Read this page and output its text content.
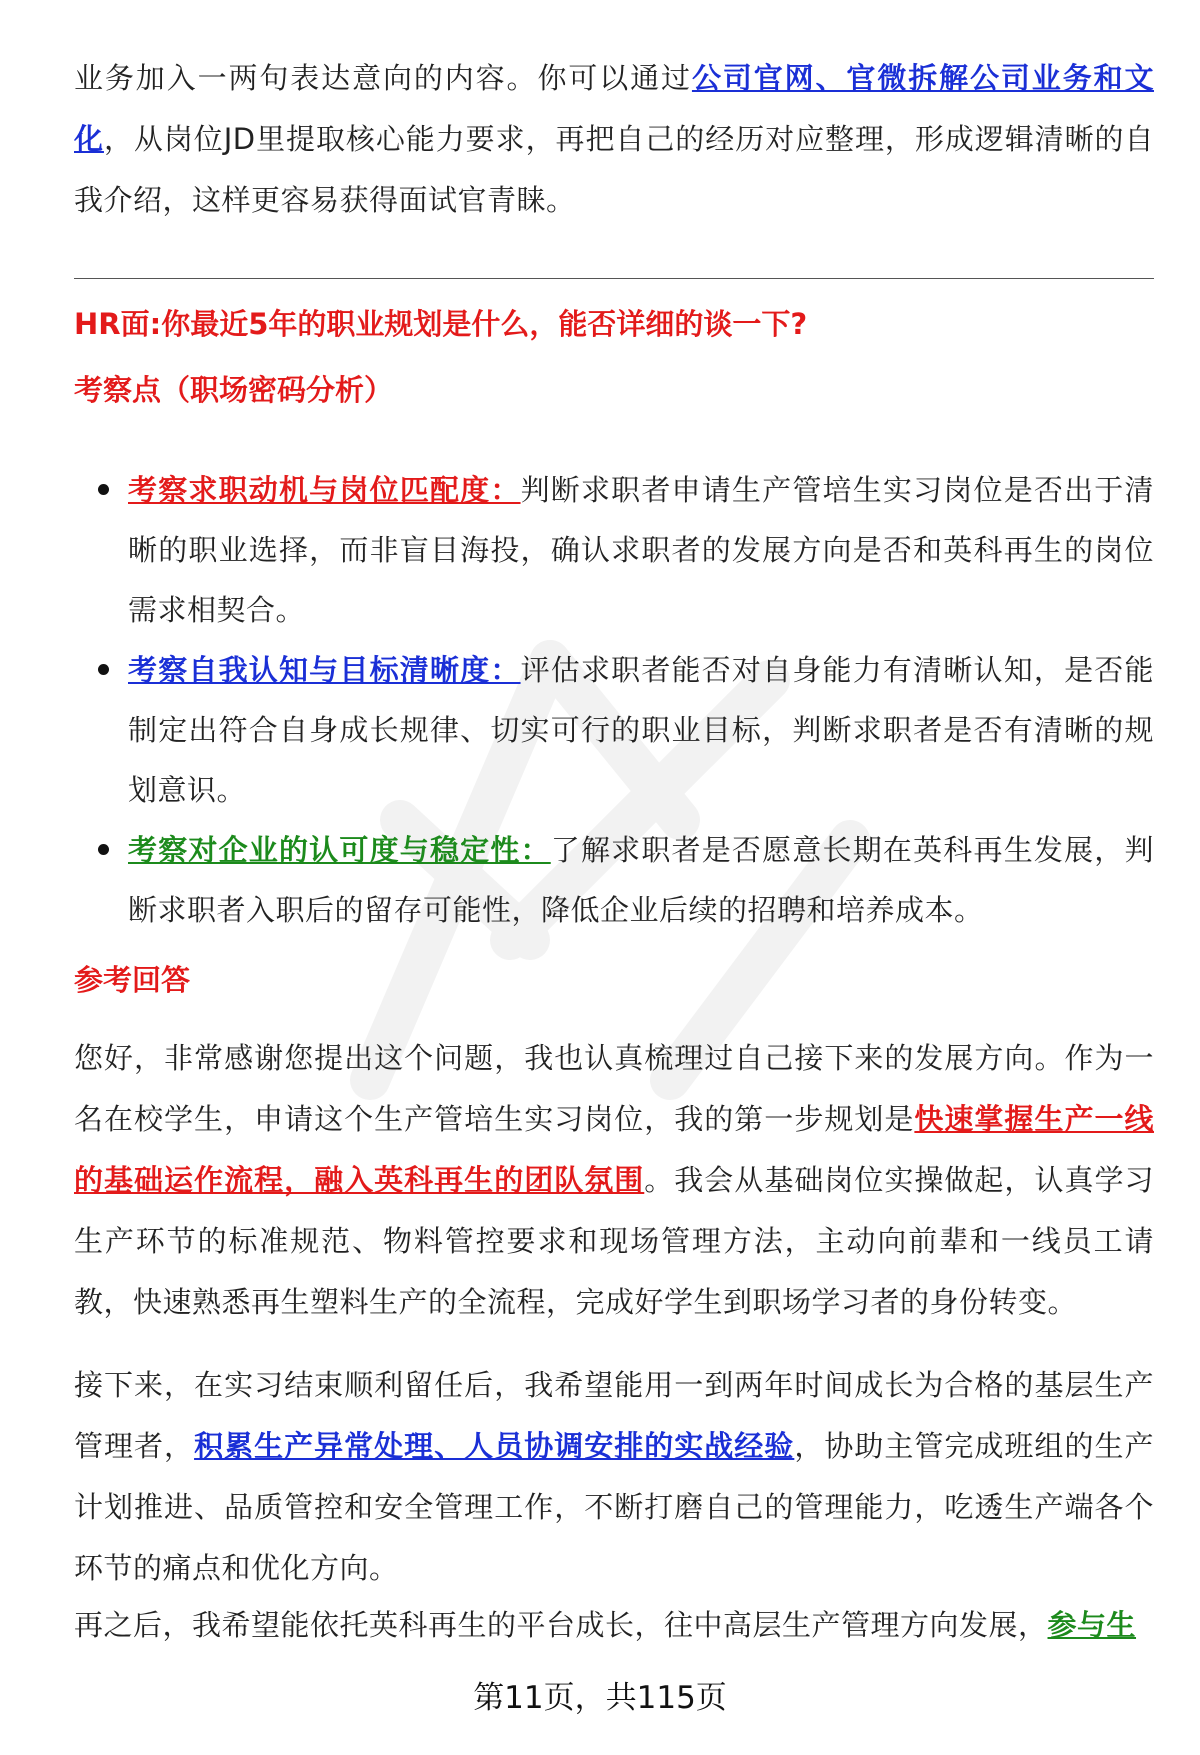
业务加入一两句表达意向的内容。你可以通过公司官网、官微拆解公司业务和文化，从岗位JD里提取核心能力要求，再把自己的经历对应整理，形成逻辑清晰的自我介绍，这样更容易获得面试官青睐。

HR面:你最近5年的职业规划是什么，能否详细的谈一下?
考察点（职场密码分析）
考察求职动机与岗位匹配度：判断求职者申请生产管培生实习岗位是否出于清晰的职业选择，而非盲目海投，确认求职者的发展方向是否和英科再生的岗位需求相契合。
考察自我认知与目标清晰度：评估求职者能否对自身能力有清晰认知，是否能制定出符合自身成长规律、切实可行的职业目标，判断求职者是否有清晰的规划意识。
考察对企业的认可度与稳定性：了解求职者是否愿意长期在英科再生发展，判断求职者入职后的留存可能性，降低企业后续的招聘和培养成本。
参考回答

您好，非常感谢您提出这个问题，我也认真梳理过自己接下来的发展方向。作为一名在校学生，申请这个生产管培生实习岗位，我的第一步规划是快速掌握生产一线的基础运作流程，融入英科再生的团队氛围。我会从基础岗位实操做起，认真学习生产环节的标准规范、物料管控要求和现场管理方法，主动向前辈和一线员工请教，快速熟悉再生塑料生产的全流程，完成好学生到职场学习者的身份转变。

接下来，在实习结束顺利留任后，我希望能用一到两年时间成长为合格的基层生产管理者，积累生产异常处理、人员协调安排的实战经验，协助主管完成班组的生产计划推进、品质管控和安全管理工作，不断打磨自己的管理能力，吃透生产端各个环节的痛点和优化方向。

再之后，我希望能依托英科再生的平台成长，往中高层生产管理方向发展，参与生

第11页，共115页
